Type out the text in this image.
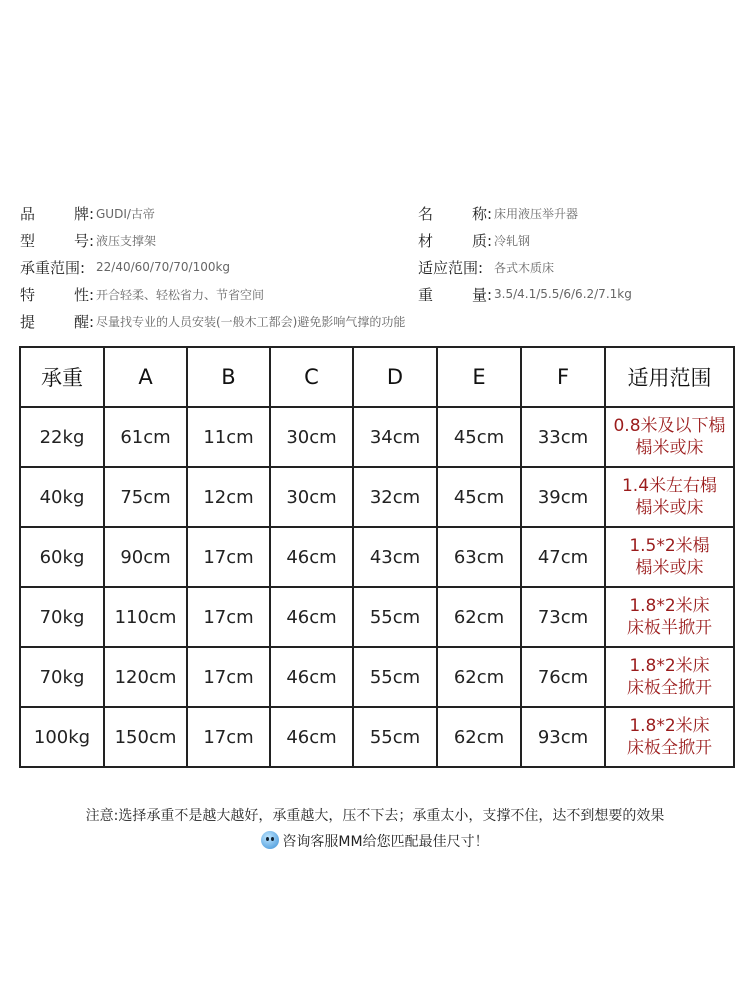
品	牌: GUDI/古帝
型	号: 液压支撑架
承重范围: 22/40/60/70/70/100kg
特	性: 开合轻柔、轻松省力、节省空间
提	醒: 尽量找专业的人员安装(一般木工都会)避免影响气撑的功能
名	称: 床用液压举升器
材	质: 冷轧钢
适应范围: 各式木质床
重	量: 3.5/4.1/5.5/6/6.2/7.1kg
承重	A	B	C	D	E	F	适用范围
22kg	61cm	11cm	30cm	34cm	45cm	33cm	0.8米及以下榻
榻米或床

40kg	75cm	12cm	30cm	32cm	45cm	39cm	1.4米左右榻
榻米或床

60kg	90cm	17cm	46cm	43cm	63cm	47cm	1.5*2米榻
榻米或床

70kg	110cm	17cm	46cm	55cm	62cm	73cm	1.8*2米床
床板半掀开

70kg	120cm	17cm	46cm	55cm	62cm	76cm	1.8*2米床
床板全掀开

100kg	150cm	17cm	46cm	55cm	62cm	93cm	1.8*2米床
床板全掀开
注意:选择承重不是越大越好，承重越大，压不下去；承重太小，支撑不住，达不到想要的效果
咨询客服MM给您匹配最佳尺寸！
